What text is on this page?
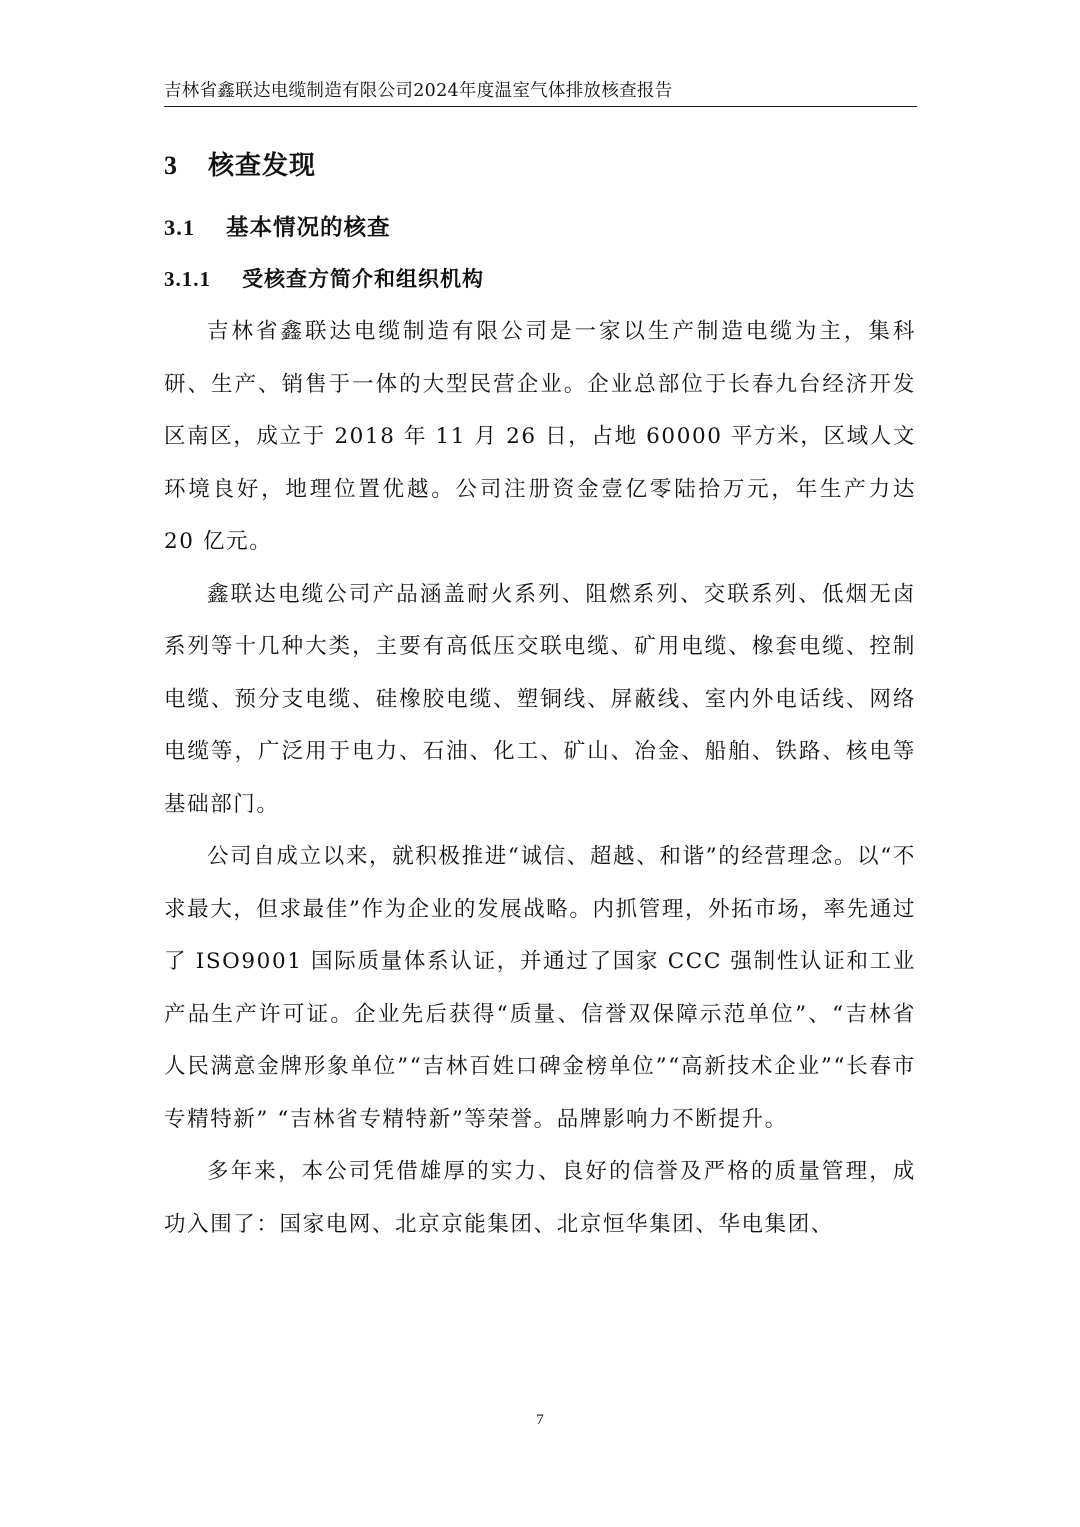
吉林省鑫联达电缆制造有限公司2024年度温室气体排放核查报告
3 核查发现
3.1 基本情况的核查
3.1.1 受核查方简介和组织机构

吉林省鑫联达电缆制造有限公司是一家以生产制造电缆为主，集科研、生产、销售于一体的大型民营企业。企业总部位于长春九台经济开发区南区，成立于 2018 年 11 月 26 日，占地 60000 平方米，区域人文环境良好，地理位置优越。公司注册资金壹亿零陆拾万元，年生产力达 20 亿元。

鑫联达电缆公司产品涵盖耐火系列、阻燃系列、交联系列、低烟无卤系列等十几种大类，主要有高低压交联电缆、矿用电缆、橡套电缆、控制电缆、预分支电缆、硅橡胶电缆、塑铜线、屏蔽线、室内外电话线、网络电缆等，广泛用于电力、石油、化工、矿山、冶金、船舶、铁路、核电等基础部门。

公司自成立以来，就积极推进“诚信、超越、和谐”的经营理念。以“不求最大，但求最佳”作为企业的发展战略。内抓管理，外拓市场，率先通过了 ISO9001 国际质量体系认证，并通过了国家 CCC 强制性认证和工业产品生产许可证。企业先后获得“质量、信誉双保障示范单位”、“吉林省人民满意金牌形象单位”“吉林百姓口碑金榜单位”“高新技术企业”“长春市专精特新” “吉林省专精特新”等荣誉。品牌影响力不断提升。

多年来，本公司凭借雄厚的实力、良好的信誉及严格的质量管理，成功入围了：国家电网、北京京能集团、北京恒华集团、华电集团、

7
